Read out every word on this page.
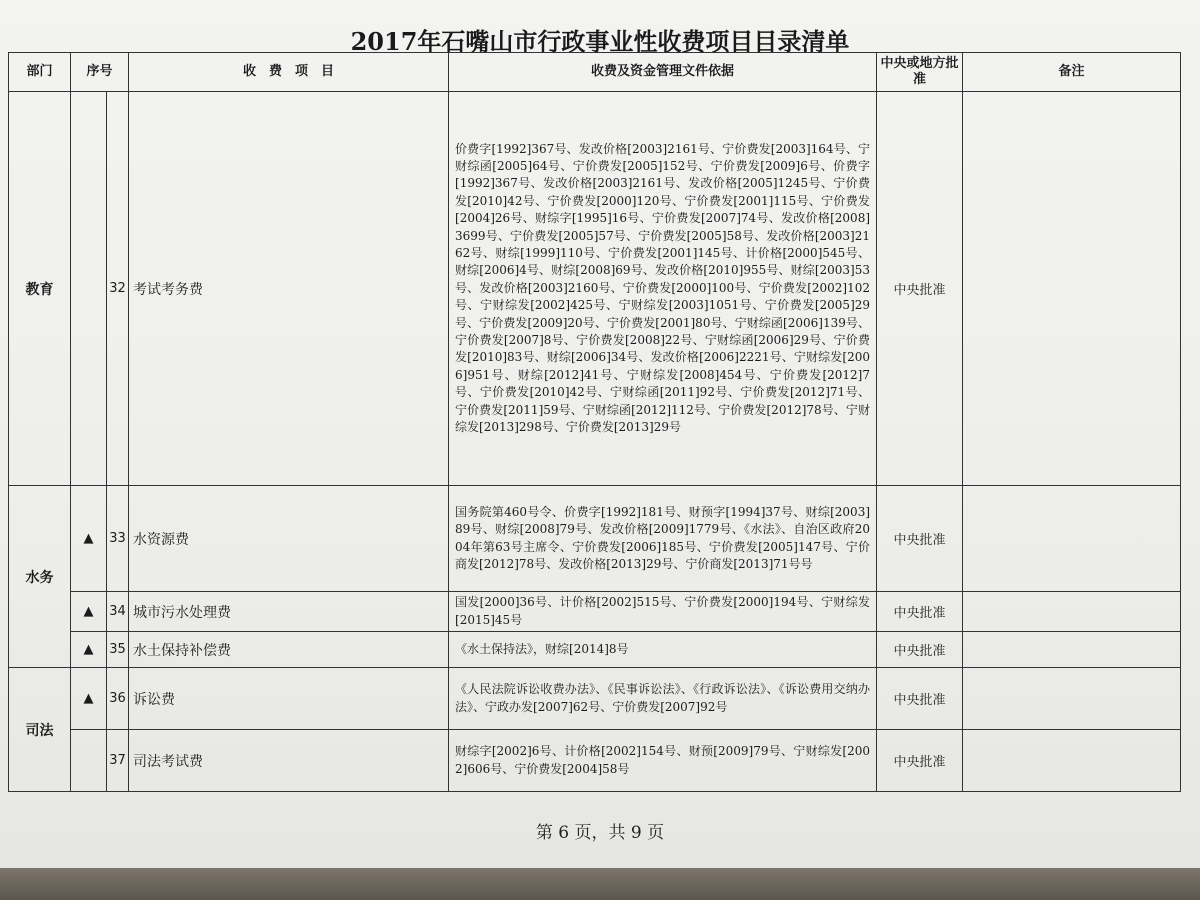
2017年石嘴山市行政事业性收费项目目录清单
部门	序号		收　费　项　目	收费及资金管理文件依据	中央或地方批准	备注
教育		32	考试考务费	价费字[1992]367号、发改价格[2003]2161号、宁价费发[2003]164号、宁财综函[2005]64号、宁价费发[2005]152号、宁价费发[2009]6号、价费字[1992]367号、发改价格[2003]2161号、发改价格[2005]1245号、宁价费发[2010]42号、宁价费发[2000]120号、宁价费发[2001]115号、宁价费发[2004]26号、财综字[1995]16号、宁价费发[2007]74号、发改价格[2008]3699号、宁价费发[2005]57号、宁价费发[2005]58号、发改价格[2003]2162号、财综[1999]110号、宁价费发[2001]145号、计价格[2000]545号、财综[2006]4号、财综[2008]69号、发改价格[2010]955号、财综[2003]53号、发改价格[2003]2160号、宁价费发[2000]100号、宁价费发[2002]102号、宁财综发[2002]425号、宁财综发[2003]1051号、宁价费发[2005]29号、宁价费发[2009]20号、宁价费发[2001]80号、宁财综函[2006]139号、宁价费发[2007]8号、宁价费发[2008]22号、宁财综函[2006]29号、宁价费发[2010]83号、财综[2006]34号、发改价格[2006]2221号、宁财综发[2006]951号、财综[2012]41号、宁财综发[2008]454号、宁价费发[2012]7号、宁价费发[2010]42号、宁财综函[2011]92号、宁价费发[2012]71号、宁价费发[2011]59号、宁财综函[2012]112号、宁价费发[2012]78号、宁财综发[2013]298号、宁价费发[2013]29号	中央批准	
水务	▲	33	水资源费	国务院第460号令、价费字[1992]181号、财预字[1994]37号、财综[2003]89号、财综[2008]79号、发改价格[2009]1779号、《水法》、自治区政府2004年第63号主席令、宁价费发[2006]185号、宁价费发[2005]147号、宁价商发[2012]78号、发改价格[2013]29号、宁价商发[2013]71号号	中央批准	
	▲	34	城市污水处理费	国发[2000]36号、计价格[2002]515号、宁价费发[2000]194号、宁财综发[2015]45号	中央批准	
	▲	35	水土保持补偿费	《水土保持法》，财综[2014]8号	中央批准	
司法	▲	36	诉讼费	《人民法院诉讼收费办法》、《民事诉讼法》、《行政诉讼法》、《诉讼费用交纳办法》、宁政办发[2007]62号、宁价费发[2007]92号	中央批准	
		37	司法考试费	财综字[2002]6号、计价格[2002]154号、财预[2009]79号、宁财综发[2002]606号、宁价费发[2004]58号	中央批准	
第 6 页，共 9 页
